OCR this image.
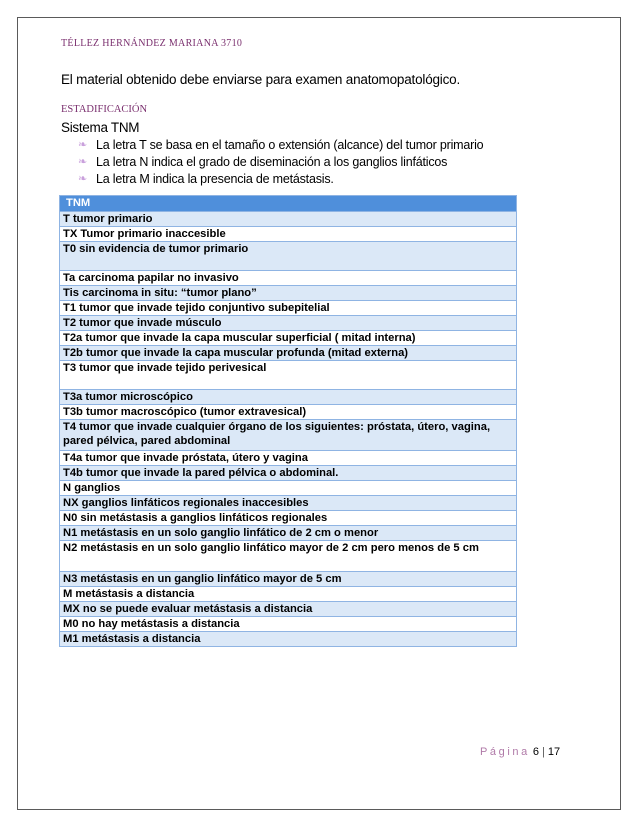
TÉLLEZ HERNÁNDEZ MARIANA 3710
El material obtenido debe enviarse para examen anatomopatológico.
ESTADIFICACIÓN
Sistema TNM
❧ La letra T se basa en el tamaño o extensión (alcance) del tumor primario
❧ La letra N indica el grado de diseminación a los ganglios linfáticos
❧ La letra M indica la presencia de metástasis.
TNM
T tumor primario
TX Tumor primario inaccesible
T0 sin evidencia de tumor primario
Ta carcinoma papilar no invasivo
Tis carcinoma in situ: “tumor plano”
T1 tumor que invade tejido conjuntivo subepitelial
T2 tumor que invade músculo
T2a tumor que invade la capa muscular superficial ( mitad interna)
T2b tumor que invade la capa muscular profunda (mitad externa)
T3 tumor que invade tejido perivesical
T3a tumor microscópico
T3b tumor macroscópico (tumor extravesical)
T4 tumor que invade cualquier órgano de los siguientes: próstata, útero, vagina, pared pélvica, pared abdominal
T4a tumor que invade próstata, útero y vagina
T4b tumor que invade la pared pélvica o abdominal.
N ganglios
NX ganglios linfáticos regionales inaccesibles
N0 sin metástasis a ganglios linfáticos regionales
N1 metástasis en un solo ganglio linfático de 2 cm o menor
N2 metástasis en un solo ganglio linfático mayor de 2 cm pero menos de 5 cm
N3 metástasis en un ganglio linfático mayor de 5 cm
M metástasis a distancia
MX no se puede evaluar metástasis a distancia
M0 no hay metástasis a distancia
M1 metástasis a distancia
Página 6 | 17
